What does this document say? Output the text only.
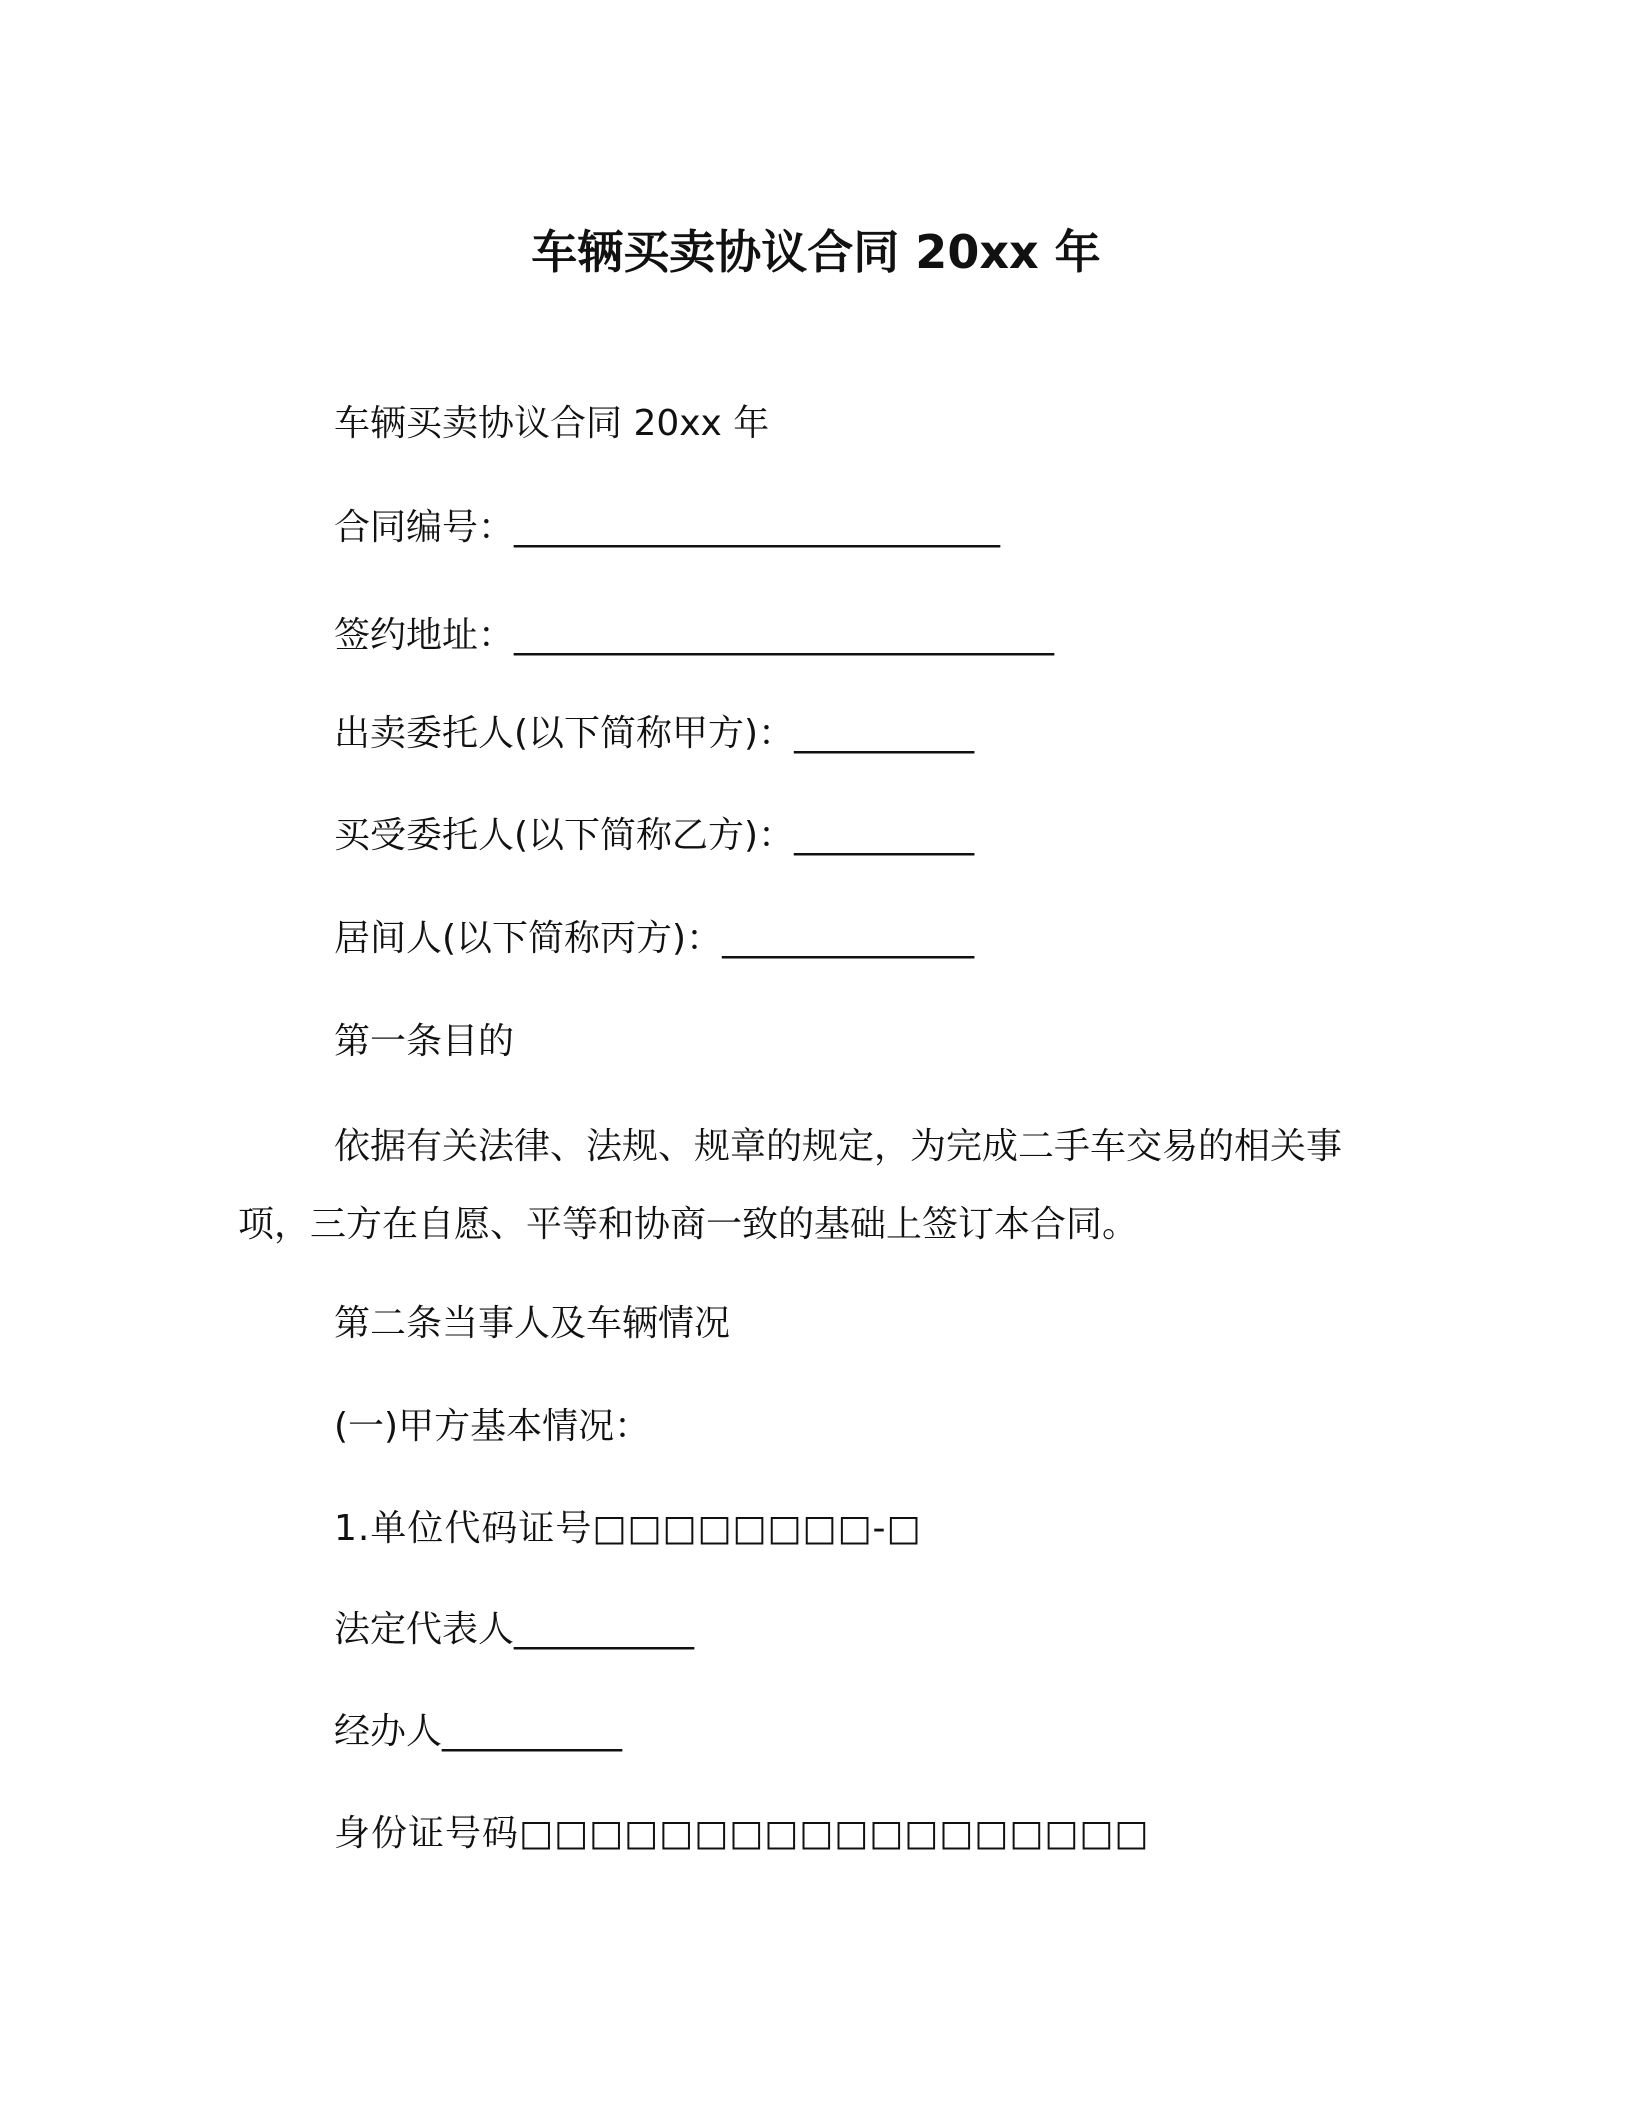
车辆买卖协议合同 20xx 年
车辆买卖协议合同 20xx 年
合同编号：___________________________
签约地址：______________________________
出卖委托人(以下简称甲方)：__________
买受委托人(以下简称乙方)：__________
居间人(以下简称丙方)：______________
第一条目的
依据有关法律、法规、规章的规定，为完成二手车交易的相关事项，三方在自愿、平等和协商一致的基础上签订本合同。
第二条当事人及车辆情况
(一)甲方基本情况：
1.单位代码证号□□□□□□□□-□
法定代表人__________
经办人__________
身份证号码□□□□□□□□□□□□□□□□□□
